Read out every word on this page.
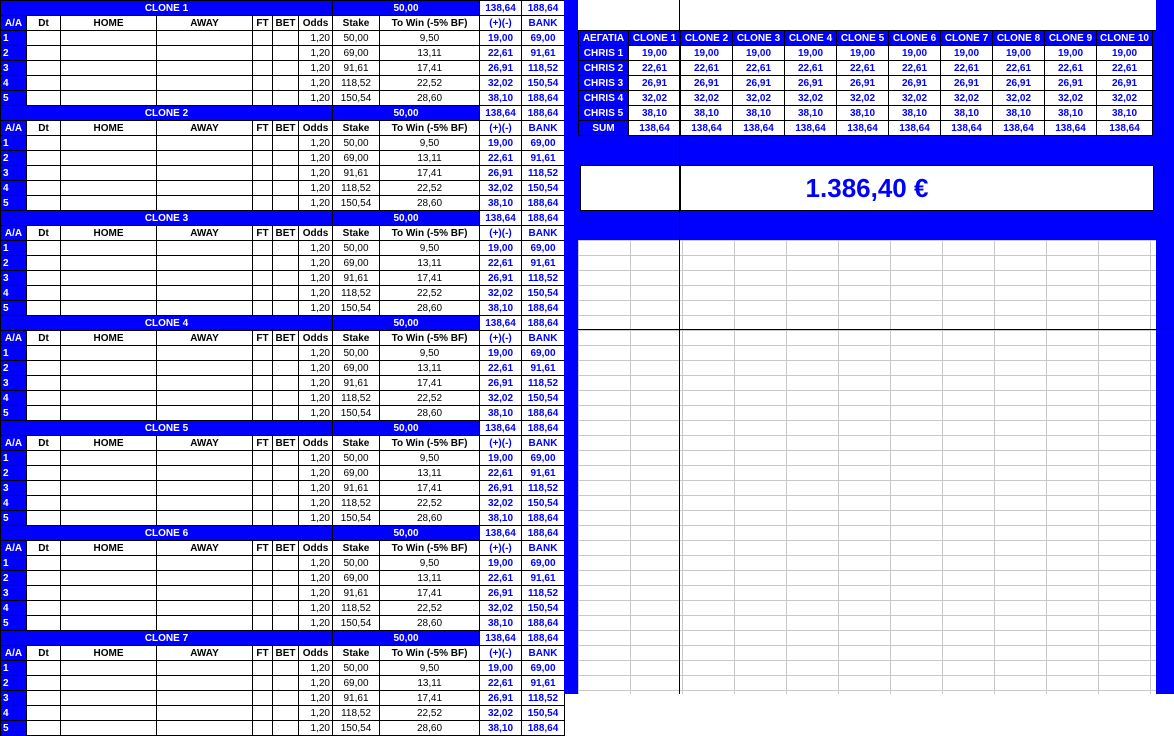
CLONE 1							50,00		138,64	188,64
A/A	Dt	HOME	AWAY	FT	BET	Odds	Stake	To Win (-5% BF)	(+)(-)	BANK
1						1,20	50,00	9,50	19,00	69,00
2						1,20	69,00	13,11	22,61	91,61
3						1,20	91,61	17,41	26,91	118,52
4						1,20	118,52	22,52	32,02	150,54
5						1,20	150,54	28,60	38,10	188,64
CLONE 2							50,00		138,64	188,64
A/A	Dt	HOME	AWAY	FT	BET	Odds	Stake	To Win (-5% BF)	(+)(-)	BANK
1						1,20	50,00	9,50	19,00	69,00
2						1,20	69,00	13,11	22,61	91,61
3						1,20	91,61	17,41	26,91	118,52
4						1,20	118,52	22,52	32,02	150,54
5						1,20	150,54	28,60	38,10	188,64
CLONE 3							50,00		138,64	188,64
A/A	Dt	HOME	AWAY	FT	BET	Odds	Stake	To Win (-5% BF)	(+)(-)	BANK
1						1,20	50,00	9,50	19,00	69,00
2						1,20	69,00	13,11	22,61	91,61
3						1,20	91,61	17,41	26,91	118,52
4						1,20	118,52	22,52	32,02	150,54
5						1,20	150,54	28,60	38,10	188,64
CLONE 4							50,00		138,64	188,64
A/A	Dt	HOME	AWAY	FT	BET	Odds	Stake	To Win (-5% BF)	(+)(-)	BANK
1						1,20	50,00	9,50	19,00	69,00
2						1,20	69,00	13,11	22,61	91,61
3						1,20	91,61	17,41	26,91	118,52
4						1,20	118,52	22,52	32,02	150,54
5						1,20	150,54	28,60	38,10	188,64
CLONE 5							50,00		138,64	188,64
A/A	Dt	HOME	AWAY	FT	BET	Odds	Stake	To Win (-5% BF)	(+)(-)	BANK
1						1,20	50,00	9,50	19,00	69,00
2						1,20	69,00	13,11	22,61	91,61
3						1,20	91,61	17,41	26,91	118,52
4						1,20	118,52	22,52	32,02	150,54
5						1,20	150,54	28,60	38,10	188,64
CLONE 6							50,00		138,64	188,64
A/A	Dt	HOME	AWAY	FT	BET	Odds	Stake	To Win (-5% BF)	(+)(-)	BANK
1						1,20	50,00	9,50	19,00	69,00
2						1,20	69,00	13,11	22,61	91,61
3						1,20	91,61	17,41	26,91	118,52
4						1,20	118,52	22,52	32,02	150,54
5						1,20	150,54	28,60	38,10	188,64
CLONE 7							50,00		138,64	188,64
A/A	Dt	HOME	AWAY	FT	BET	Odds	Stake	To Win (-5% BF)	(+)(-)	BANK
1						1,20	50,00	9,50	19,00	69,00
2						1,20	69,00	13,11	22,61	91,61
3						1,20	91,61	17,41	26,91	118,52
4						1,20	118,52	22,52	32,02	150,54
5						1,20	150,54	28,60	38,10	188,64
ΑΕΓΑΤΙΑ	CLONE 1	CLONE 2	CLONE 3	CLONE 4	CLONE 5	CLONE 6	CLONE 7	CLONE 8	CLONE 9	CLONE 10
CHRIS 1	19,00	19,00	19,00	19,00	19,00	19,00	19,00	19,00	19,00	19,00
CHRIS 2	22,61	22,61	22,61	22,61	22,61	22,61	22,61	22,61	22,61	22,61
CHRIS 3	26,91	26,91	26,91	26,91	26,91	26,91	26,91	26,91	26,91	26,91
CHRIS 4	32,02	32,02	32,02	32,02	32,02	32,02	32,02	32,02	32,02	32,02
CHRIS 5	38,10	38,10	38,10	38,10	38,10	38,10	38,10	38,10	38,10	38,10
SUM	138,64	138,64	138,64	138,64	138,64	138,64	138,64	138,64	138,64	138,64
1.386,40 €
